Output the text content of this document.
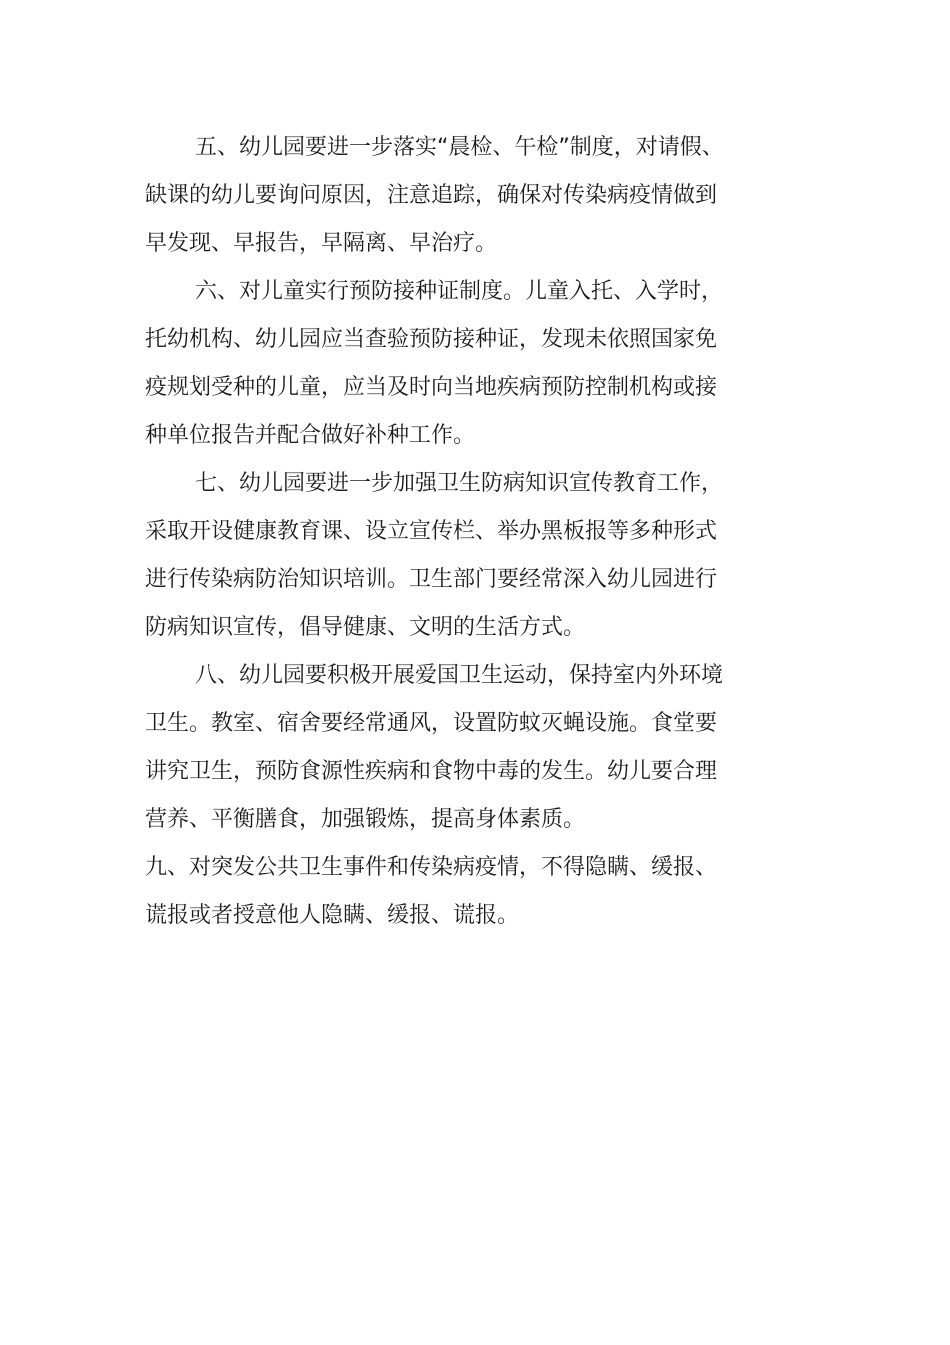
五、幼儿园要进一步落实“晨检、午检”制度，对请假、
缺课的幼儿要询问原因，注意追踪，确保对传染病疫情做到
早发现、早报告，早隔离、早治疗。
六、对儿童实行预防接种证制度。儿童入托、入学时，
托幼机构、幼儿园应当查验预防接种证，发现未依照国家免
疫规划受种的儿童，应当及时向当地疾病预防控制机构或接
种单位报告并配合做好补种工作。
七、幼儿园要进一步加强卫生防病知识宣传教育工作，
采取开设健康教育课、设立宣传栏、举办黑板报等多种形式
进行传染病防治知识培训。卫生部门要经常深入幼儿园进行
防病知识宣传，倡导健康、文明的生活方式。
八、幼儿园要积极开展爱国卫生运动，保持室内外环境
卫生。教室、宿舍要经常通风，设置防蚊灭蝇设施。食堂要
讲究卫生，预防食源性疾病和食物中毒的发生。幼儿要合理
营养、平衡膳食，加强锻炼，提高身体素质。
九、对突发公共卫生事件和传染病疫情，不得隐瞒、缓报、
谎报或者授意他人隐瞒、缓报、谎报。
